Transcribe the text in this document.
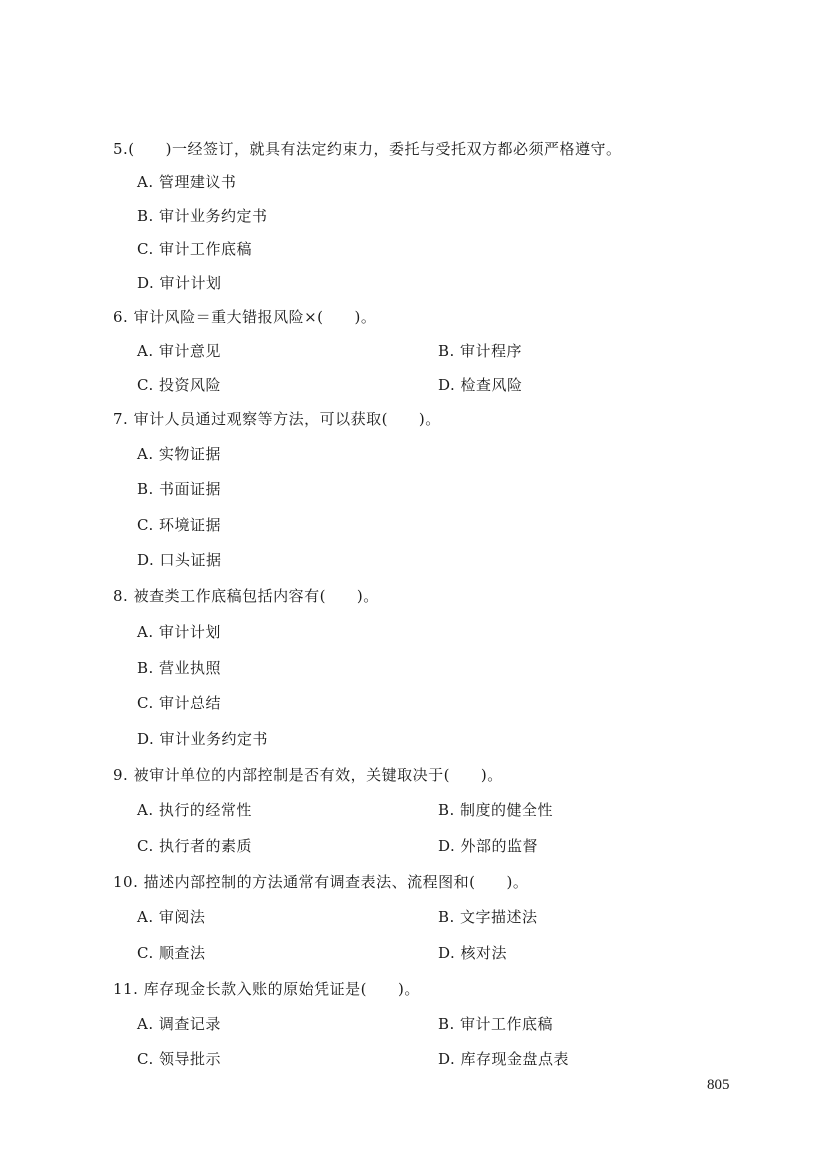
5.(　　)一经签订，就具有法定约束力，委托与受托双方都必须严格遵守。
A. 管理建议书
B. 审计业务约定书
C. 审计工作底稿
D. 审计计划
6. 审计风险＝重大错报风险×(　　)。
A. 审计意见	B. 审计程序
C. 投资风险	D. 检查风险
7. 审计人员通过观察等方法，可以获取(　　)。
A. 实物证据
B. 书面证据
C. 环境证据
D. 口头证据
8. 被查类工作底稿包括内容有(　　)。
A. 审计计划
B. 营业执照
C. 审计总结
D. 审计业务约定书
9. 被审计单位的内部控制是否有效，关键取决于(　　)。
A. 执行的经常性	B. 制度的健全性
C. 执行者的素质	D. 外部的监督
10. 描述内部控制的方法通常有调查表法、流程图和(　　)。
A. 审阅法	B. 文字描述法
C. 顺查法	D. 核对法
11. 库存现金长款入账的原始凭证是(　　)。
A. 调查记录	B. 审计工作底稿
C. 领导批示	D. 库存现金盘点表
805
